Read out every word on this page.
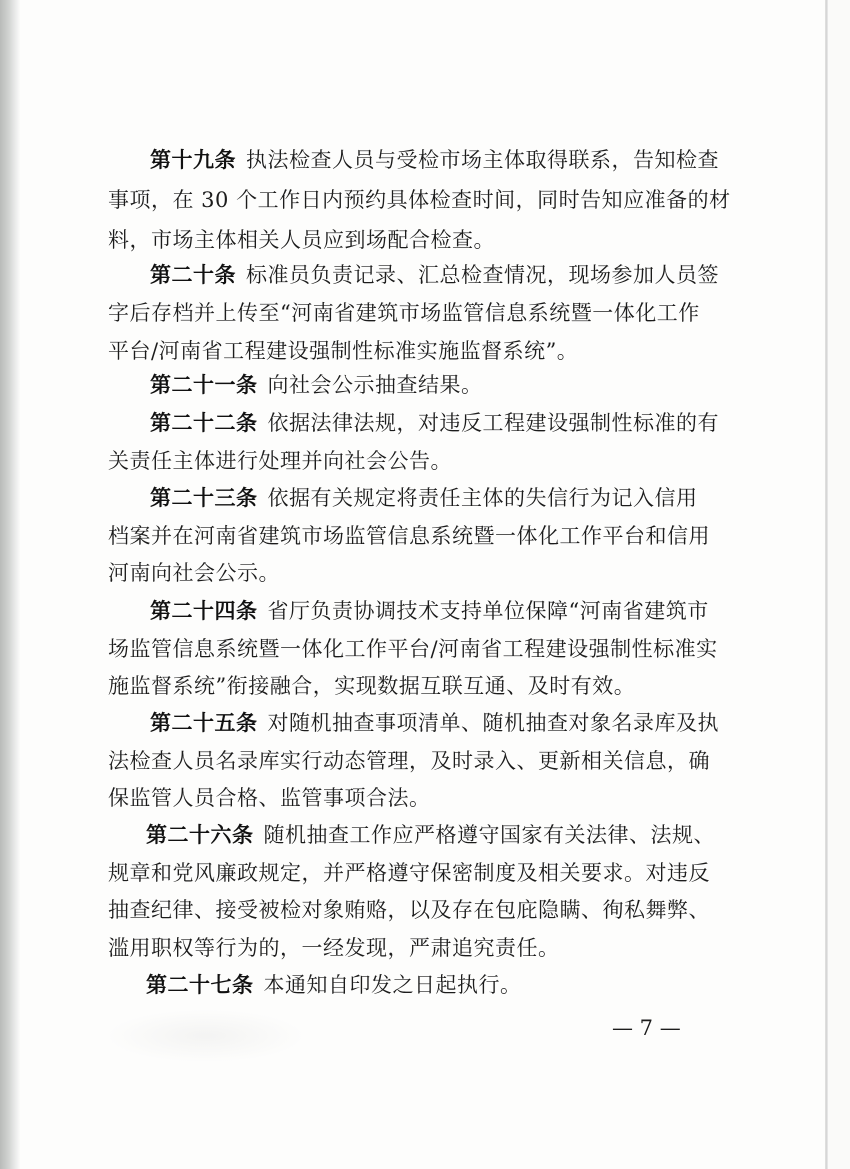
第十九条 执法检查人员与受检市场主体取得联系，告知检查
事项，在 30 个工作日内预约具体检查时间，同时告知应准备的材
料，市场主体相关人员应到场配合检查。
第二十条 标准员负责记录、汇总检查情况，现场参加人员签
字后存档并上传至“河南省建筑市场监管信息系统暨一体化工作
平台/河南省工程建设强制性标准实施监督系统”。
第二十一条 向社会公示抽查结果。
第二十二条 依据法律法规，对违反工程建设强制性标准的有
关责任主体进行处理并向社会公告。
第二十三条 依据有关规定将责任主体的失信行为记入信用
档案并在河南省建筑市场监管信息系统暨一体化工作平台和信用
河南向社会公示。
第二十四条 省厅负责协调技术支持单位保障“河南省建筑市
场监管信息系统暨一体化工作平台/河南省工程建设强制性标准实
施监督系统”衔接融合，实现数据互联互通、及时有效。
第二十五条 对随机抽查事项清单、随机抽查对象名录库及执
法检查人员名录库实行动态管理，及时录入、更新相关信息，确
保监管人员合格、监管事项合法。
第二十六条 随机抽查工作应严格遵守国家有关法律、法规、
规章和党风廉政规定，并严格遵守保密制度及相关要求。对违反
抽查纪律、接受被检对象贿赂，以及存在包庇隐瞒、徇私舞弊、
滥用职权等行为的，一经发现，严肃追究责任。
第二十七条 本通知自印发之日起执行。
— 7 —
